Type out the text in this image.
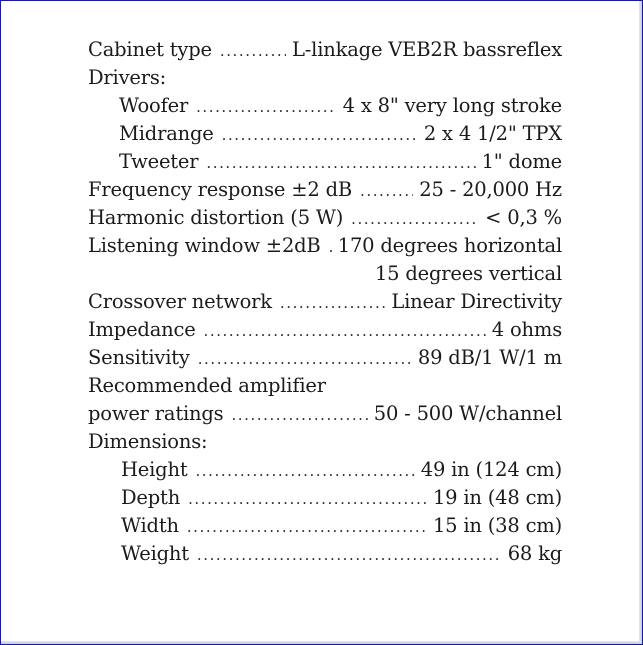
Cabinet type . . .	L-linkage VEB2R bassreflex
Drivers:
Woofer . . .	4 x 8" very long stroke
Midrange . . .	2 x 4 1/2" TPX
Tweeter . . .	1" dome
Frequency response ±2 dB . . .	25 - 20,000 Hz
Harmonic distortion (5 W) . . .	< 0,3 %
Listening window ±2dB . . . 170 degrees horizontal
15 degrees vertical
Crossover network . . .	Linear Directivity
Impedance . . .	4 ohms
Sensitivity . . .	89 dB/1 W/1 m
Recommended amplifier
power ratings . . .	50 - 500 W/channel
Dimensions:
Height . . .	49 in (124 cm)
Depth . . .	19 in (48 cm)
Width . . .	15 in (38 cm)
Weight . . .	68 kg
